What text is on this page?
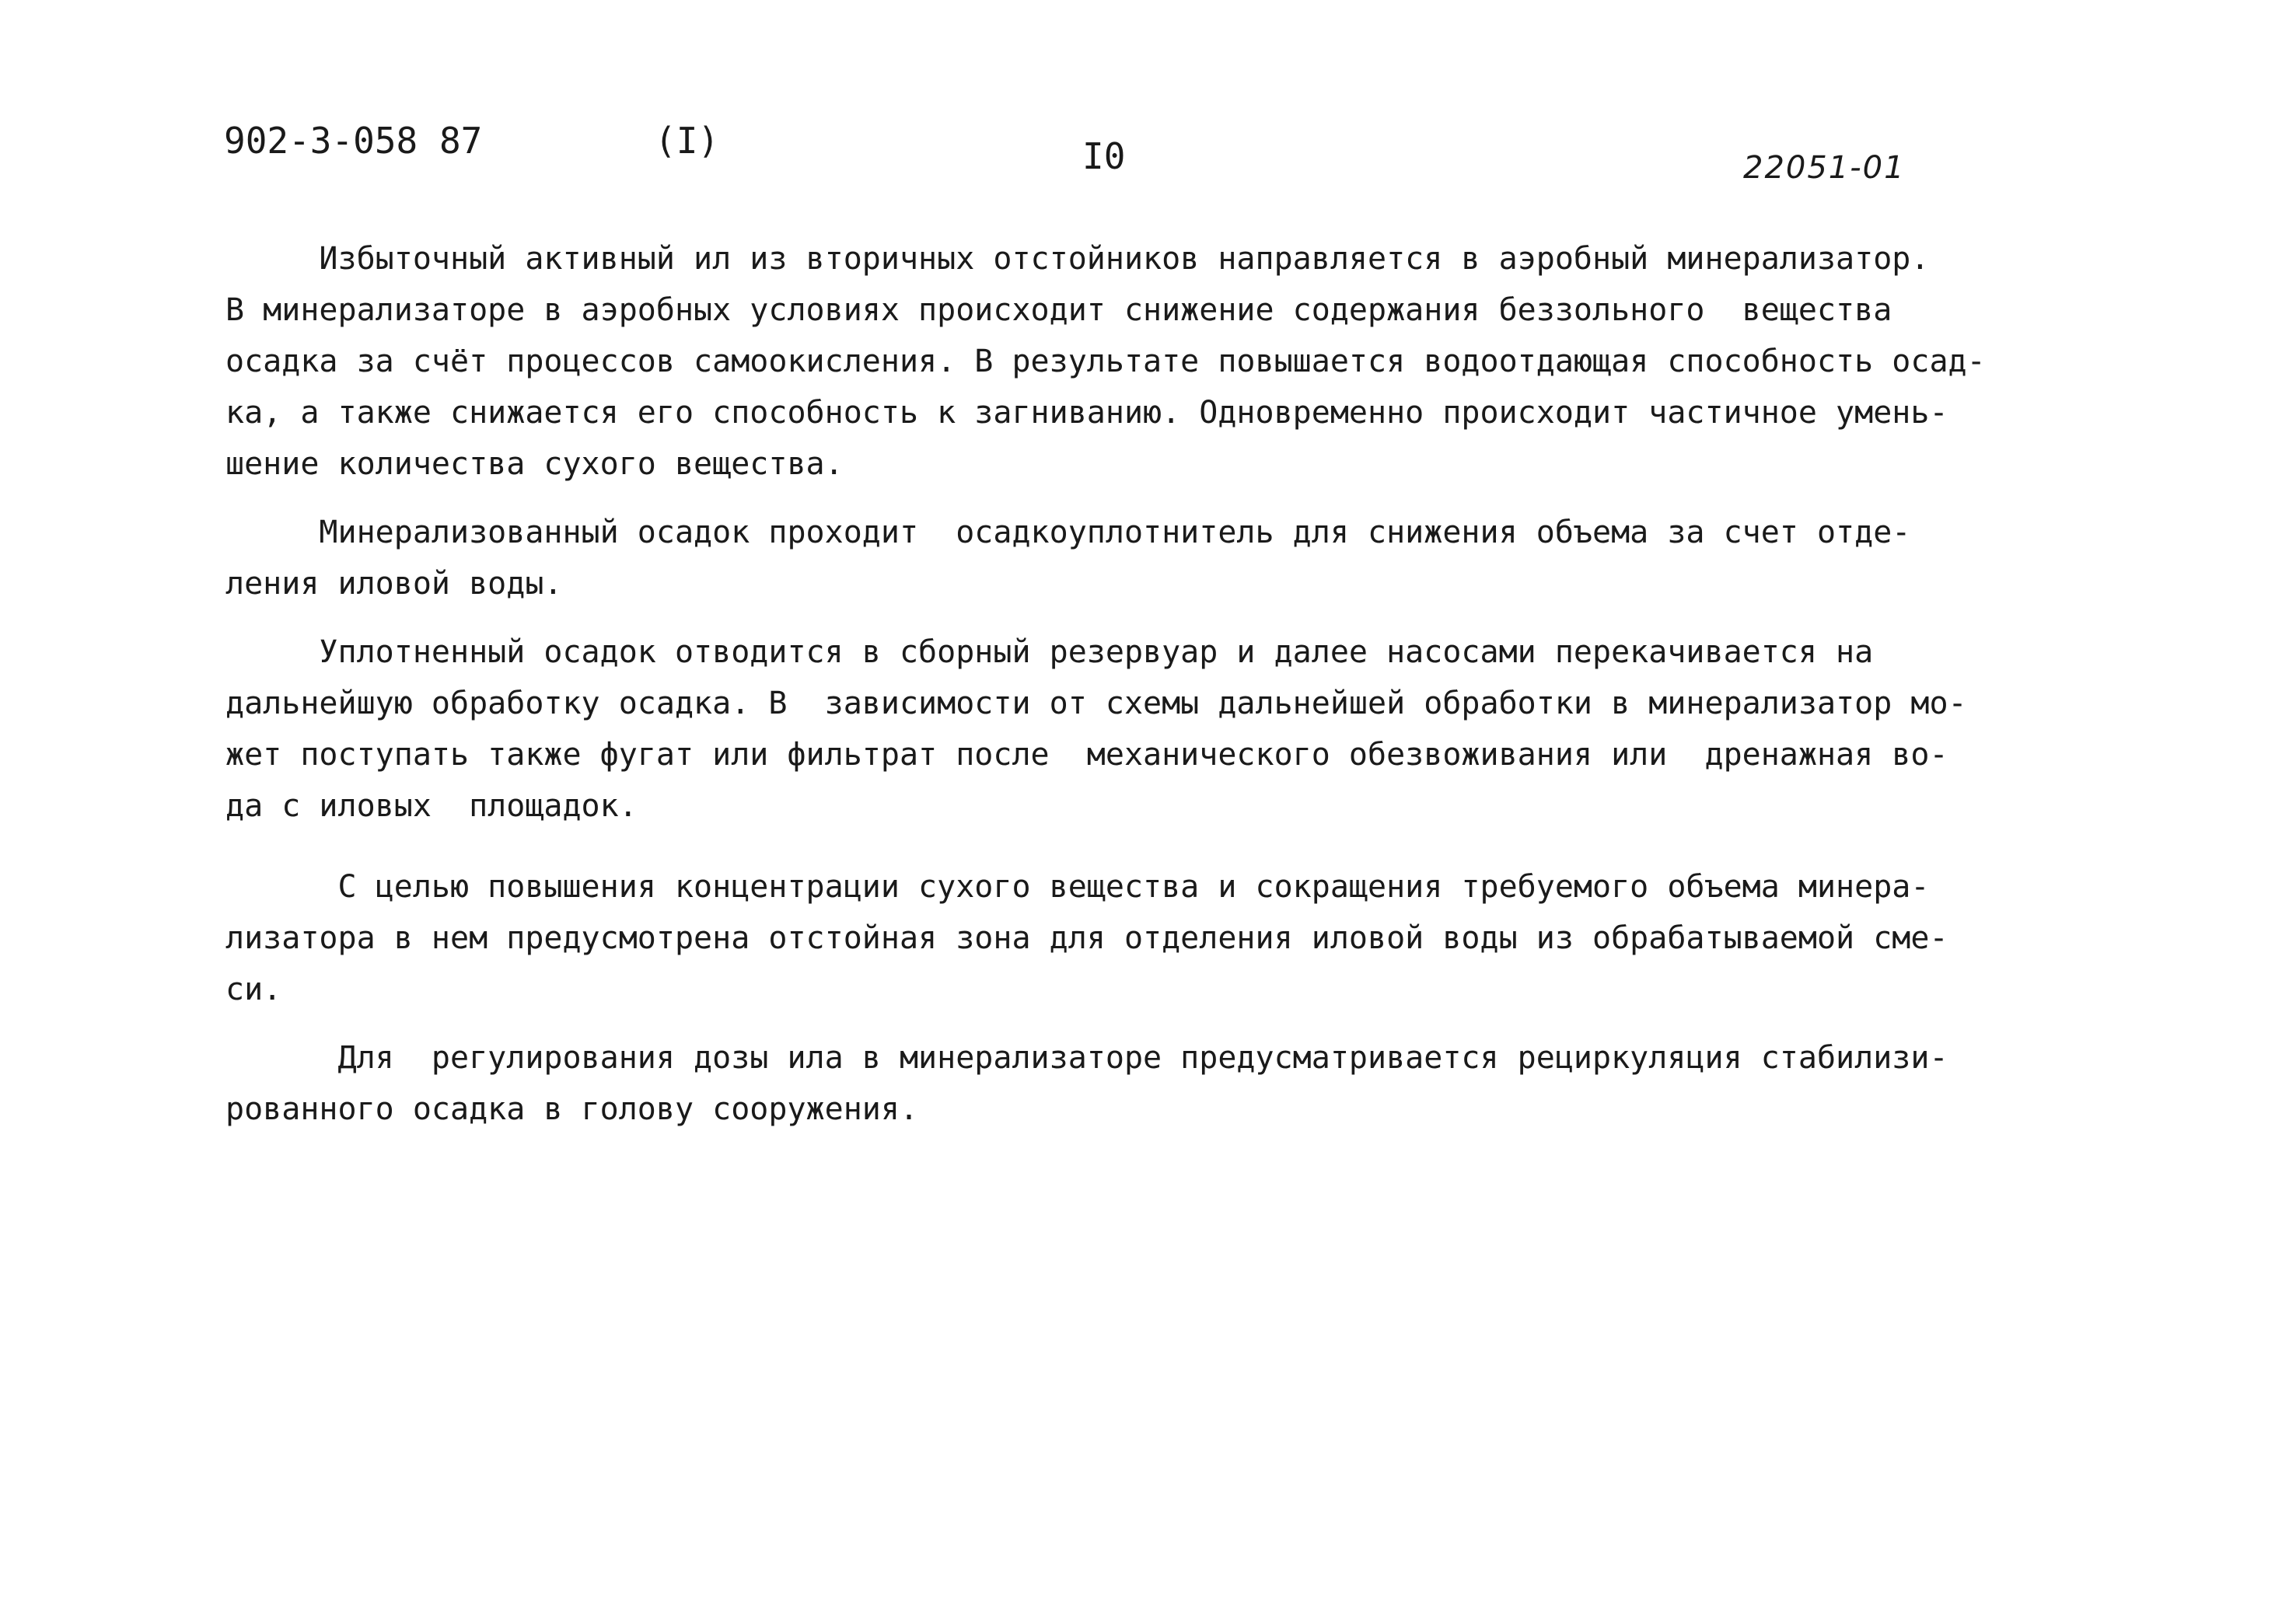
902-3-058 87	(I)	I0	22051-01
Избыточный активный ил из вторичных отстойников направляется в аэробный минерализатор.
В минерализаторе в аэробных условиях происходит снижение содержания беззольного  вещества
осадка за счёт процессов самоокисления. В результате повышается водоотдающая способность осад-
ка, а также снижается его способность к загниванию. Одновременно происходит частичное умень-
шение количества сухого вещества.
Минерализованный осадок проходит  осадкоуплотнитель для снижения объема за счет отде-
ления иловой воды.
Уплотненный осадок отводится в сборный резервуар и далее насосами перекачивается на
дальнейшую обработку осадка. В  зависимости от схемы дальнейшей обработки в минерализатор мо-
жет поступать также фугат или фильтрат после  механического обезвоживания или  дренажная во-
да с иловых  площадок.
С целью повышения концентрации сухого вещества и сокращения требуемого объема минера-
лизатора в нем предусмотрена отстойная зона для отделения иловой воды из обрабатываемой сме-
си.
Для  регулирования дозы ила в минерализаторе предусматривается рециркуляция стабилизи-
рованного осадка в голову сооружения.
